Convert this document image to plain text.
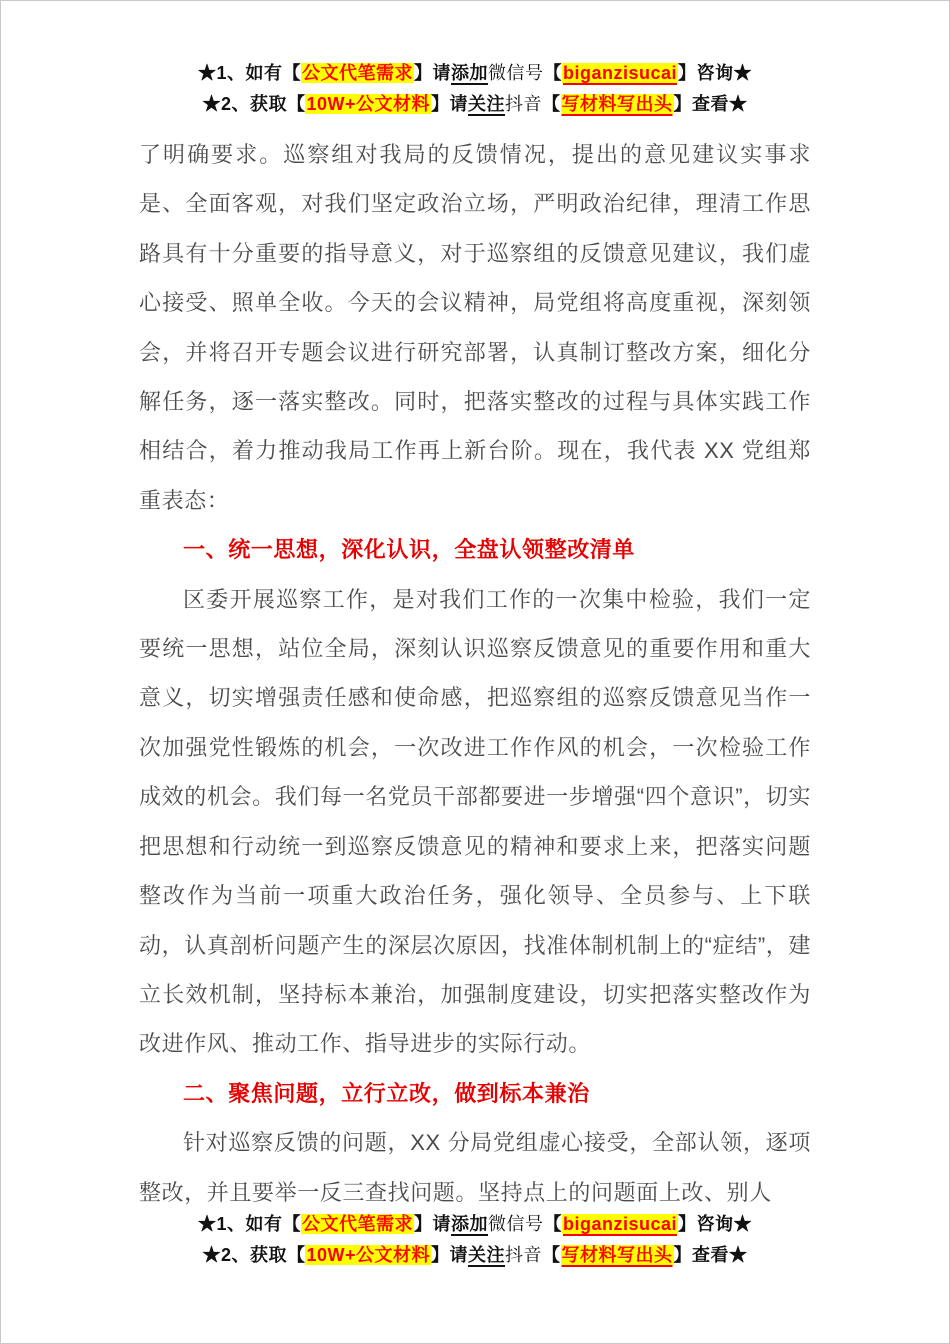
★1、如有【公文代笔需求】请添加微信号【biganzisucai】咨询★
★2、获取【10W+公文材料】请关注抖音【写材料写出头】查看★

了明确要求。巡察组对我局的反馈情况，提出的意见建议实事求是、全面客观，对我们坚定政治立场，严明政治纪律，理清工作思路具有十分重要的指导意义，对于巡察组的反馈意见建议，我们虚心接受、照单全收。今天的会议精神，局党组将高度重视，深刻领会，并将召开专题会议进行研究部署，认真制订整改方案，细化分解任务，逐一落实整改。同时，把落实整改的过程与具体实践工作相结合，着力推动我局工作再上新台阶。现在，我代表 XX 党组郑重表态：

一、统一思想，深化认识，全盘认领整改清单

区委开展巡察工作，是对我们工作的一次集中检验，我们一定要统一思想，站位全局，深刻认识巡察反馈意见的重要作用和重大意义，切实增强责任感和使命感，把巡察组的巡察反馈意见当作一次加强党性锻炼的机会，一次改进工作作风的机会，一次检验工作成效的机会。我们每一名党员干部都要进一步增强“四个意识”，切实把思想和行动统一到巡察反馈意见的精神和要求上来，把落实问题整改作为当前一项重大政治任务，强化领导、全员参与、上下联动，认真剖析问题产生的深层次原因，找准体制机制上的“症结”，建立长效机制，坚持标本兼治，加强制度建设，切实把落实整改作为改进作风、推动工作、指导进步的实际行动。

二、聚焦问题，立行立改，做到标本兼治

针对巡察反馈的问题，XX 分局党组虚心接受，全部认领，逐项整改，并且要举一反三查找问题。坚持点上的问题面上改、别人

★1、如有【公文代笔需求】请添加微信号【biganzisucai】咨询★
★2、获取【10W+公文材料】请关注抖音【写材料写出头】查看★
